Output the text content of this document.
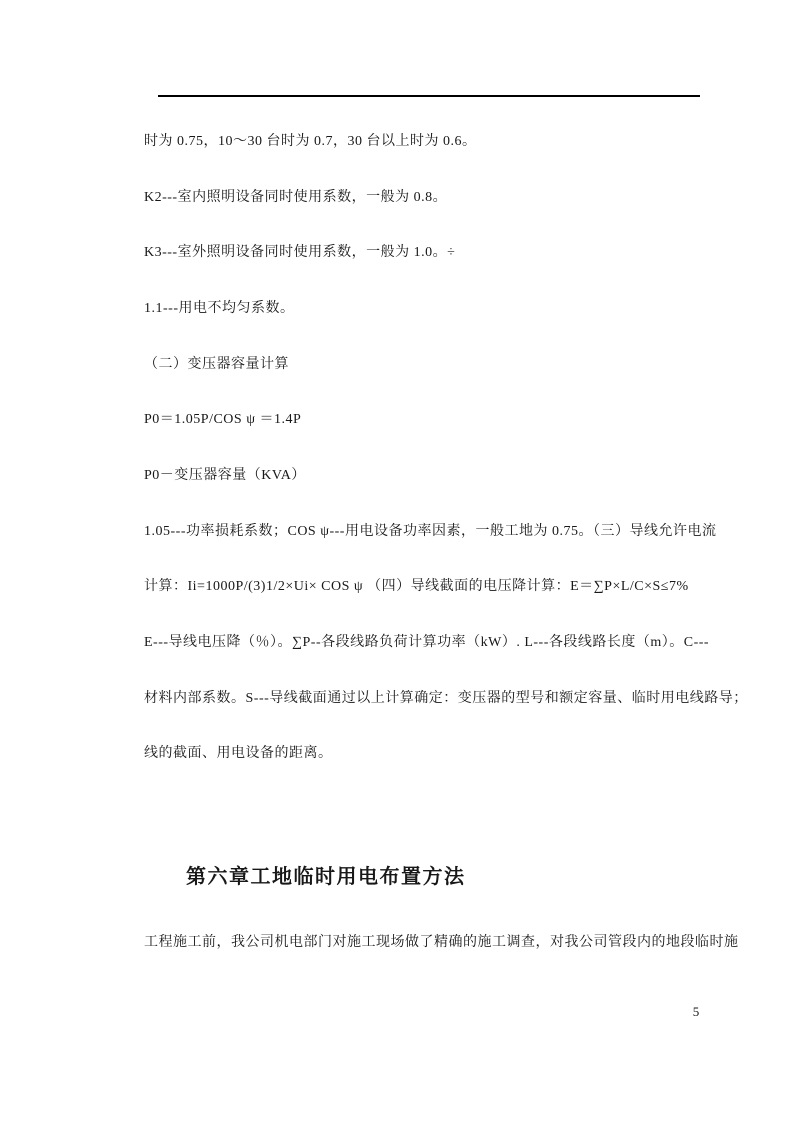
时为 0.75，10～30 台时为 0.7，30 台以上时为 0.6。
K2---室内照明设备同时使用系数，一般为 0.8。
K3---室外照明设备同时使用系数，一般为 1.0。÷
1.1---用电不均匀系数。
（二）变压器容量计算
P0＝1.05P/COS ψ ＝1.4P
P0－变压器容量（KVA）
1.05---功率损耗系数；COS ψ---用电设备功率因素，一般工地为 0.75。（三）导线允许电流
计算：Ii=1000P/(3)1/2×Ui× COS ψ （四）导线截面的电压降计算：E＝∑P×L/C×S≤7%
E---导线电压降（％）。∑P--各段线路负荷计算功率（kW）. L---各段线路长度（m）。C---
材料内部系数。S---导线截面通过以上计算确定：变压器的型号和额定容量、临时用电线路导；
线的截面、用电设备的距离。
第六章工地临时用电布置方法
工程施工前，我公司机电部门对施工现场做了精确的施工调查，对我公司管段内的地段临时施
5
